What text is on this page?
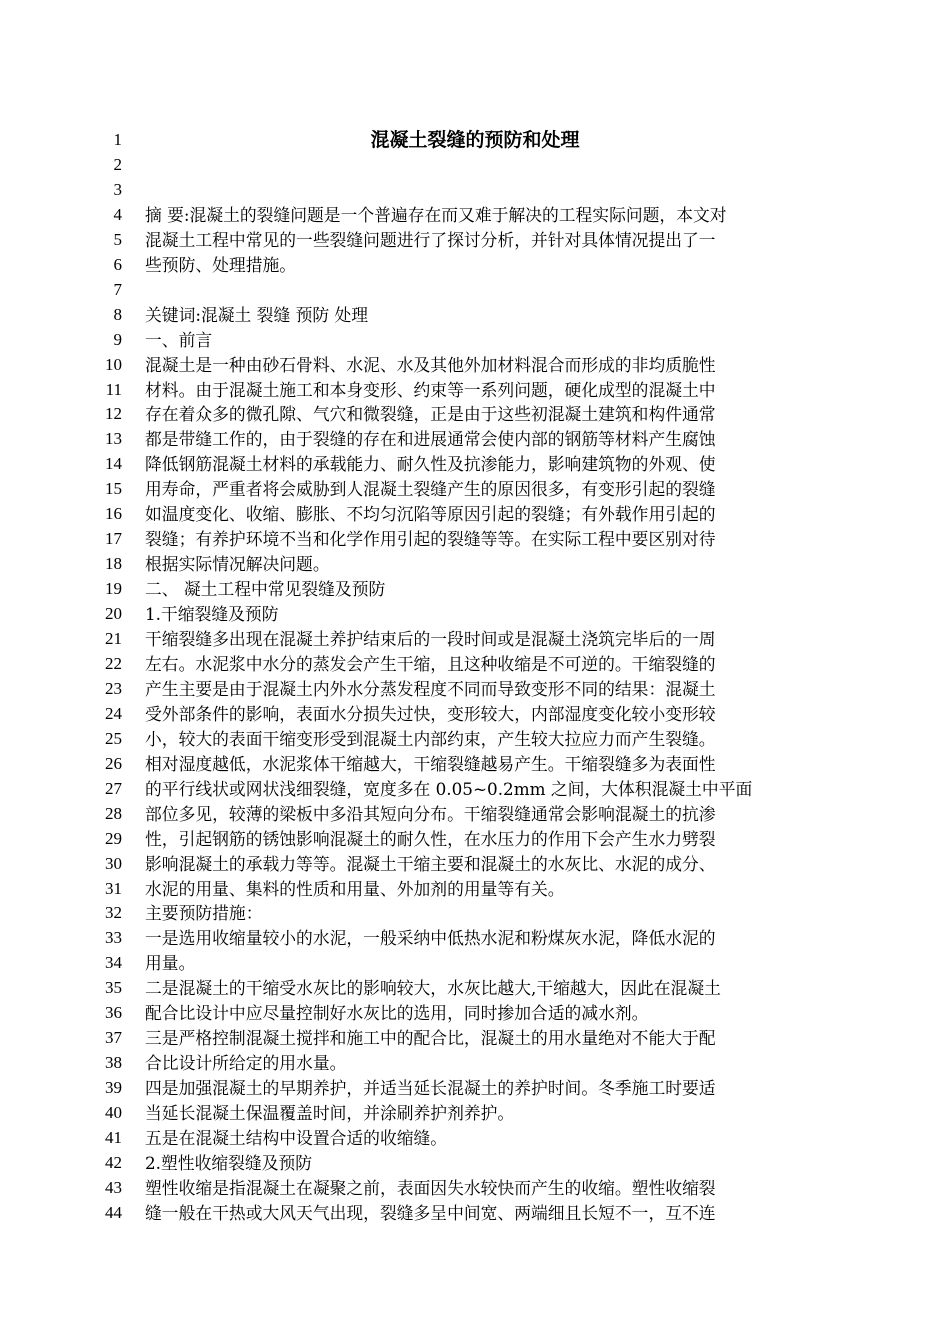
1	混凝土裂缝的预防和处理
2
3
4 摘 要:混凝土的裂缝问题是一个普遍存在而又难于解决的工程实际问题，本文对
5 混凝土工程中常见的一些裂缝问题进行了探讨分析，并针对具体情况提出了一
6 些预防、处理措施。
7
8 关键词:混凝土 裂缝 预防 处理
9 一、前言
10 混凝土是一种由砂石骨料、水泥、水及其他外加材料混合而形成的非均质脆性
11 材料。由于混凝土施工和本身变形、约束等一系列问题，硬化成型的混凝土中
12 存在着众多的微孔隙、气穴和微裂缝，正是由于这些初混凝土建筑和构件通常
13 都是带缝工作的，由于裂缝的存在和进展通常会使内部的钢筋等材料产生腐蚀
14 降低钢筋混凝土材料的承载能力、耐久性及抗渗能力，影响建筑物的外观、使
15 用寿命，严重者将会威胁到人混凝土裂缝产生的原因很多，有变形引起的裂缝
16 如温度变化、收缩、膨胀、不均匀沉陷等原因引起的裂缝；有外载作用引起的
17 裂缝；有养护环境不当和化学作用引起的裂缝等等。在实际工程中要区别对待
18 根据实际情况解决问题。
19 二、 凝土工程中常见裂缝及预防
20 1.干缩裂缝及预防
21 干缩裂缝多出现在混凝土养护结束后的一段时间或是混凝土浇筑完毕后的一周
22 左右。水泥浆中水分的蒸发会产生干缩，且这种收缩是不可逆的。干缩裂缝的
23 产生主要是由于混凝土内外水分蒸发程度不同而导致变形不同的结果：混凝土
24 受外部条件的影响，表面水分损失过快，变形较大，内部湿度变化较小变形较
25 小，较大的表面干缩变形受到混凝土内部约束，产生较大拉应力而产生裂缝。
26 相对湿度越低，水泥浆体干缩越大，干缩裂缝越易产生。干缩裂缝多为表面性
27 的平行线状或网状浅细裂缝，宽度多在 0.05~0.2mm 之间，大体积混凝土中平面
28 部位多见，较薄的梁板中多沿其短向分布。干缩裂缝通常会影响混凝土的抗渗
29 性，引起钢筋的锈蚀影响混凝土的耐久性，在水压力的作用下会产生水力劈裂
30 影响混凝土的承载力等等。混凝土干缩主要和混凝土的水灰比、水泥的成分、
31 水泥的用量、集料的性质和用量、外加剂的用量等有关。
32 主要预防措施：
33 一是选用收缩量较小的水泥，一般采纳中低热水泥和粉煤灰水泥，降低水泥的
34 用量。
35 二是混凝土的干缩受水灰比的影响较大，水灰比越大,干缩越大，因此在混凝土
36 配合比设计中应尽量控制好水灰比的选用，同时掺加合适的减水剂。
37 三是严格控制混凝土搅拌和施工中的配合比，混凝土的用水量绝对不能大于配
38 合比设计所给定的用水量。
39 四是加强混凝土的早期养护，并适当延长混凝土的养护时间。冬季施工时要适
40 当延长混凝土保温覆盖时间，并涂刷养护剂养护。
41 五是在混凝土结构中设置合适的收缩缝。
42 2.塑性收缩裂缝及预防
43 塑性收缩是指混凝土在凝聚之前，表面因失水较快而产生的收缩。塑性收缩裂
44 缝一般在干热或大风天气出现，裂缝多呈中间宽、两端细且长短不一，互不连
